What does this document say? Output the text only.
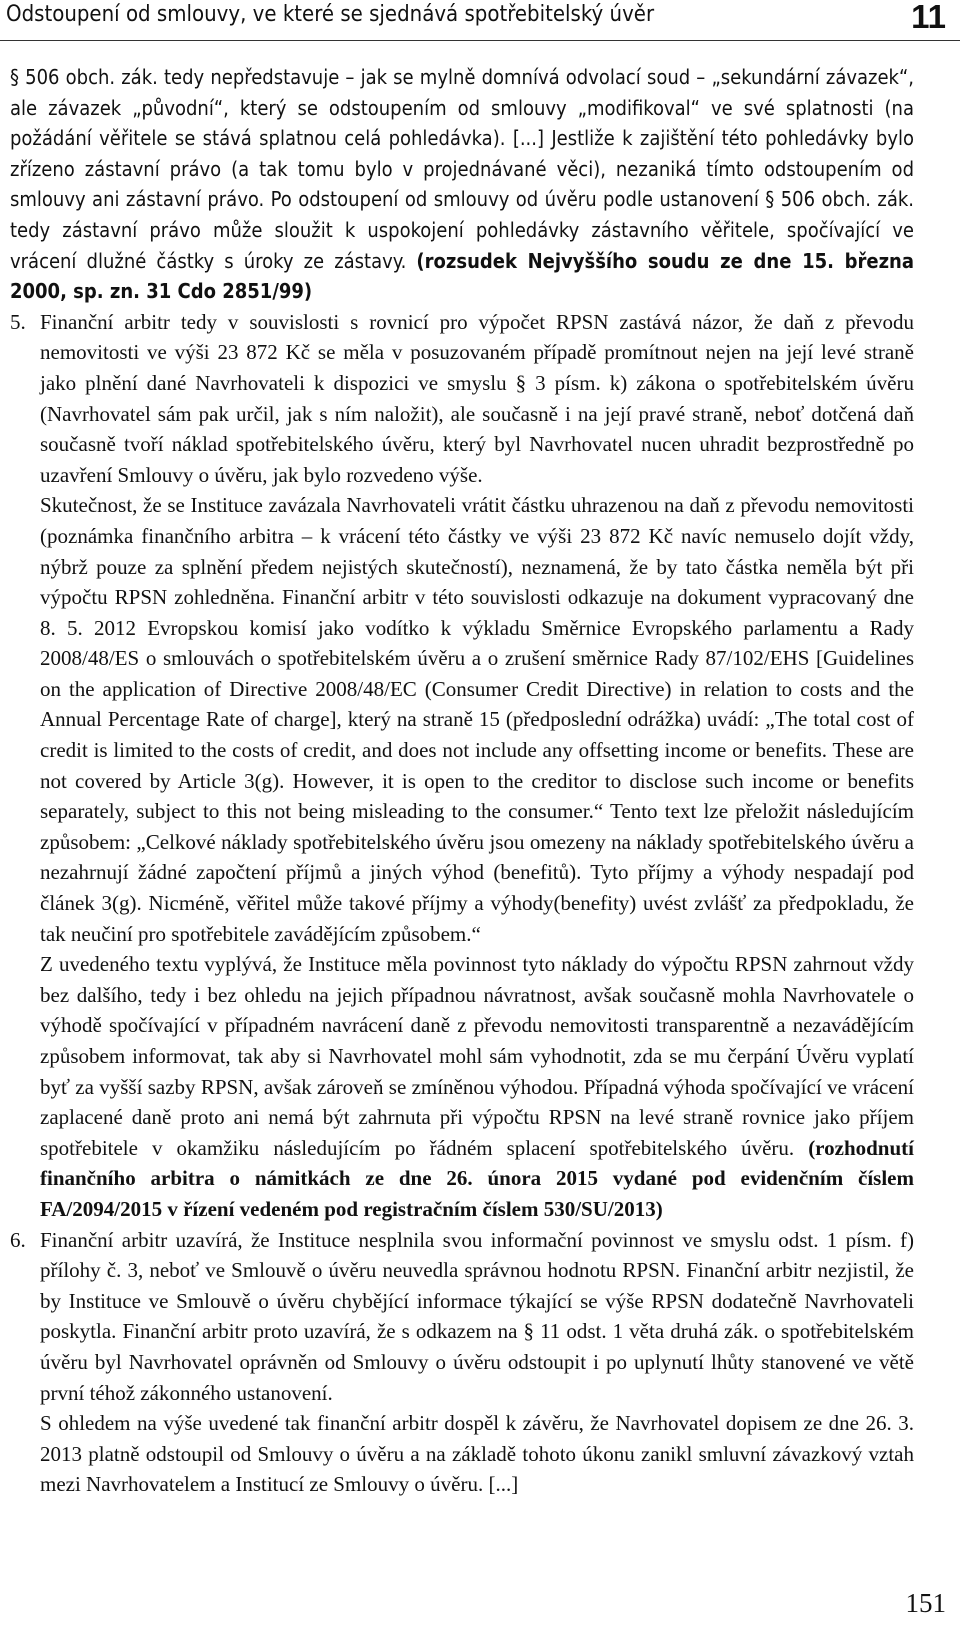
Odstoupení od smlouvy, ve které se sjednává spotřebitelský úvěr	11

§ 506 obch. zák. tedy nepředstavuje – jak se mylně domnívá odvolací soud – „sekundární závazek“, ale závazek „původní“, který se odstoupením od smlouvy „modifikoval“ ve své splatnosti (na požádání věřitele se stává splatnou celá pohledávka). [...] Jestliže k zajištění této pohledávky bylo zřízeno zástavní právo (a tak tomu bylo v projednávané věci), nezaniká tímto odstoupením od smlouvy ani zástavní právo. Po odstoupení od smlouvy od úvěru podle ustanovení § 506 obch. zák. tedy zástavní právo může sloužit k uspokojení pohledávky zástavního věřitele, spočívající ve vrácení dlužné částky s úroky ze zástavy. (rozsudek Nejvyššího soudu ze dne 15. března 2000, sp. zn. 31 Cdo 2851/99)

5. Finanční arbitr tedy v souvislosti s rovnicí pro výpočet RPSN zastává názor, že daň z převodu nemovitosti ve výši 23 872 Kč se měla v posuzovaném případě promítnout nejen na její levé straně jako plnění dané Navrhovateli k dispozici ve smyslu § 3 písm. k) zákona o spotřebitelském úvěru (Navrhovatel sám pak určil, jak s ním naložit), ale současně i na její pravé straně, neboť dotčená daň současně tvoří náklad spotřebitelského úvěru, který byl Navrhovatel nucen uhradit bezprostředně po uzavření Smlouvy o úvěru, jak bylo rozvedeno výše.

Skutečnost, že se Instituce zavázala Navrhovateli vrátit částku uhrazenou na daň z převodu nemovitosti (poznámka finančního arbitra – k vrácení této částky ve výši 23 872 Kč navíc nemuselo dojít vždy, nýbrž pouze za splnění předem nejistých skutečností), neznamená, že by tato částka neměla být při výpočtu RPSN zohledněna. Finanční arbitr v této souvislosti odkazuje na dokument vypracovaný dne 8. 5. 2012 Evropskou komisí jako vodítko k výkladu Směrnice Evropského parlamentu a Rady 2008/48/ES o smlouvách o spotřebitelském úvěru a o zrušení směrnice Rady 87/102/EHS [Guidelines on the application of Directive 2008/48/EC (Consumer Credit Directive) in relation to costs and the Annual Percentage Rate of charge], který na straně 15 (předposlední odrážka) uvádí: „The total cost of credit is limited to the costs of credit, and does not include any offsetting income or benefits. These are not covered by Article 3(g). However, it is open to the creditor to disclose such income or benefits separately, subject to this not being misleading to the consumer.“ Tento text lze přeložit následujícím způsobem: „Celkové náklady spotřebitelského úvěru jsou omezeny na náklady spotřebitelského úvěru a nezahrnují žádné započtení příjmů a jiných výhod (benefitů). Tyto příjmy a výhody nespadají pod článek 3(g). Nicméně, věřitel může takové příjmy a výhody(benefity) uvést zvlášť za předpokladu, že tak neučiní pro spotřebitele zavádějícím způsobem.“

Z uvedeného textu vyplývá, že Instituce měla povinnost tyto náklady do výpočtu RPSN zahrnout vždy bez dalšího, tedy i bez ohledu na jejich případnou návratnost, avšak současně mohla Navrhovatele o výhodě spočívající v případném navrácení daně z převodu nemovitosti transparentně a nezavádějícím způsobem informovat, tak aby si Navrhovatel mohl sám vyhodnotit, zda se mu čerpání Úvěru vyplatí byť za vyšší sazby RPSN, avšak zároveň se zmíněnou výhodou. Případná výhoda spočívající ve vrácení zaplacené daně proto ani nemá být zahrnuta při výpočtu RPSN na levé straně rovnice jako příjem spotřebitele v okamžiku následujícím po řádném splacení spotřebitelského úvěru. (rozhodnutí finančního arbitra o námitkách ze dne 26. února 2015 vydané pod evidenčním číslem FA/2094/2015 v řízení vedeném pod registračním číslem 530/SU/2013)

6. Finanční arbitr uzavírá, že Instituce nesplnila svou informační povinnost ve smyslu odst. 1 písm. f) přílohy č. 3, neboť ve Smlouvě o úvěru neuvedla správnou hodnotu RPSN. Finanční arbitr nezjistil, že by Instituce ve Smlouvě o úvěru chybějící informace týkající se výše RPSN dodatečně Navrhovateli poskytla. Finanční arbitr proto uzavírá, že s odkazem na § 11 odst. 1 věta druhá zák. o spotřebitelském úvěru byl Navrhovatel oprávněn od Smlouvy o úvěru odstoupit i po uplynutí lhůty stanovené ve větě první téhož zákonného ustanovení.

S ohledem na výše uvedené tak finanční arbitr dospěl k závěru, že Navrhovatel dopisem ze dne 26. 3. 2013 platně odstoupil od Smlouvy o úvěru a na základě tohoto úkonu zanikl smluvní závazkový vztah mezi Navrhovatelem a Institucí ze Smlouvy o úvěru. [...]

151
